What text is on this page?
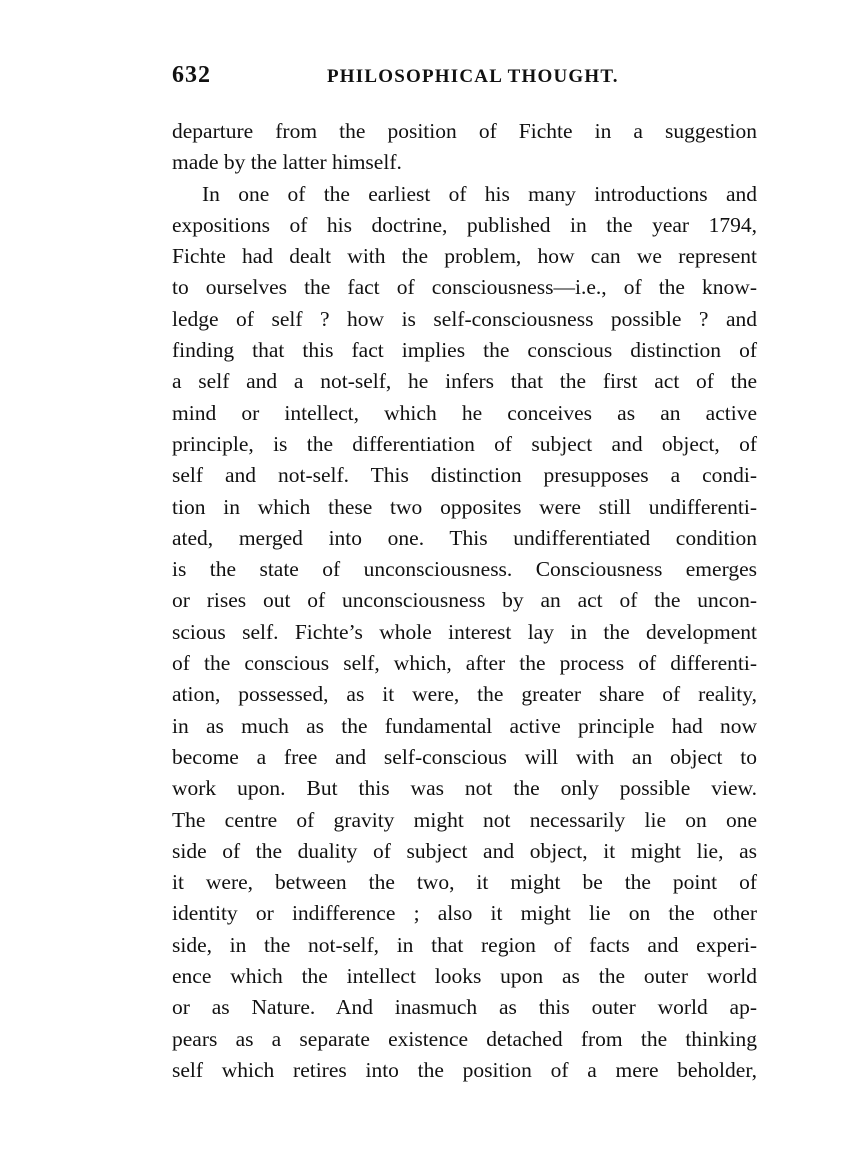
632	PHILOSOPHICAL THOUGHT.
departure from the position of Fichte in a suggestion
made by the latter himself.
In one of the earliest of his many introductions and
expositions of his doctrine, published in the year 1794,
Fichte had dealt with the problem, how can we represent
to ourselves the fact of consciousness—i.e., of the know-
ledge of self ? how is self-consciousness possible ? and
finding that this fact implies the conscious distinction of
a self and a not-self, he infers that the first act of the
mind or intellect, which he conceives as an active
principle, is the differentiation of subject and object, of
self and not-self. This distinction presupposes a condi-
tion in which these two opposites were still undifferenti-
ated, merged into one. This undifferentiated condition
is the state of unconsciousness. Consciousness emerges
or rises out of unconsciousness by an act of the uncon-
scious self. Fichte’s whole interest lay in the development
of the conscious self, which, after the process of differenti-
ation, possessed, as it were, the greater share of reality,
in as much as the fundamental active principle had now
become a free and self-conscious will with an object to
work upon. But this was not the only possible view.
The centre of gravity might not necessarily lie on one
side of the duality of subject and object, it might lie, as
it were, between the two, it might be the point of
identity or indifference ; also it might lie on the other
side, in the not-self, in that region of facts and experi-
ence which the intellect looks upon as the outer world
or as Nature. And inasmuch as this outer world ap-
pears as a separate existence detached from the thinking
self which retires into the position of a mere beholder,
